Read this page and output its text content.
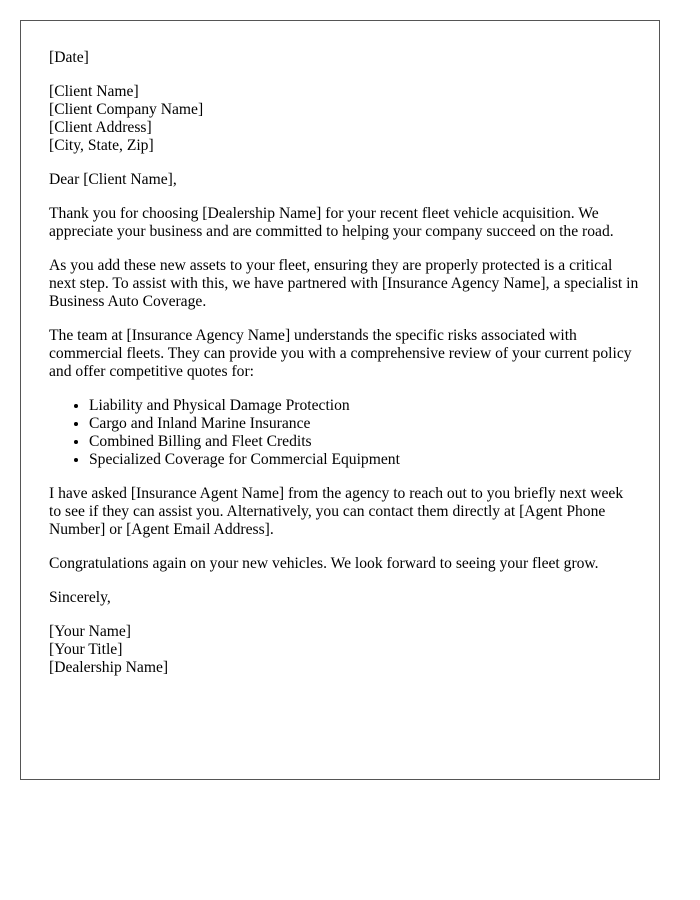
[Date]

[Client Name]
[Client Company Name]
[Client Address]
[City, State, Zip]

Dear [Client Name],

Thank you for choosing [Dealership Name] for your recent fleet vehicle acquisition. We appreciate your business and are committed to helping your company succeed on the road.

As you add these new assets to your fleet, ensuring they are properly protected is a critical next step. To assist with this, we have partnered with [Insurance Agency Name], a specialist in Business Auto Coverage.

The team at [Insurance Agency Name] understands the specific risks associated with commercial fleets. They can provide you with a comprehensive review of your current policy and offer competitive quotes for:

• Liability and Physical Damage Protection
• Cargo and Inland Marine Insurance
• Combined Billing and Fleet Credits
• Specialized Coverage for Commercial Equipment

I have asked [Insurance Agent Name] from the agency to reach out to you briefly next week to see if they can assist you. Alternatively, you can contact them directly at [Agent Phone Number] or [Agent Email Address].

Congratulations again on your new vehicles. We look forward to seeing your fleet grow.

Sincerely,

[Your Name]
[Your Title]
[Dealership Name]
